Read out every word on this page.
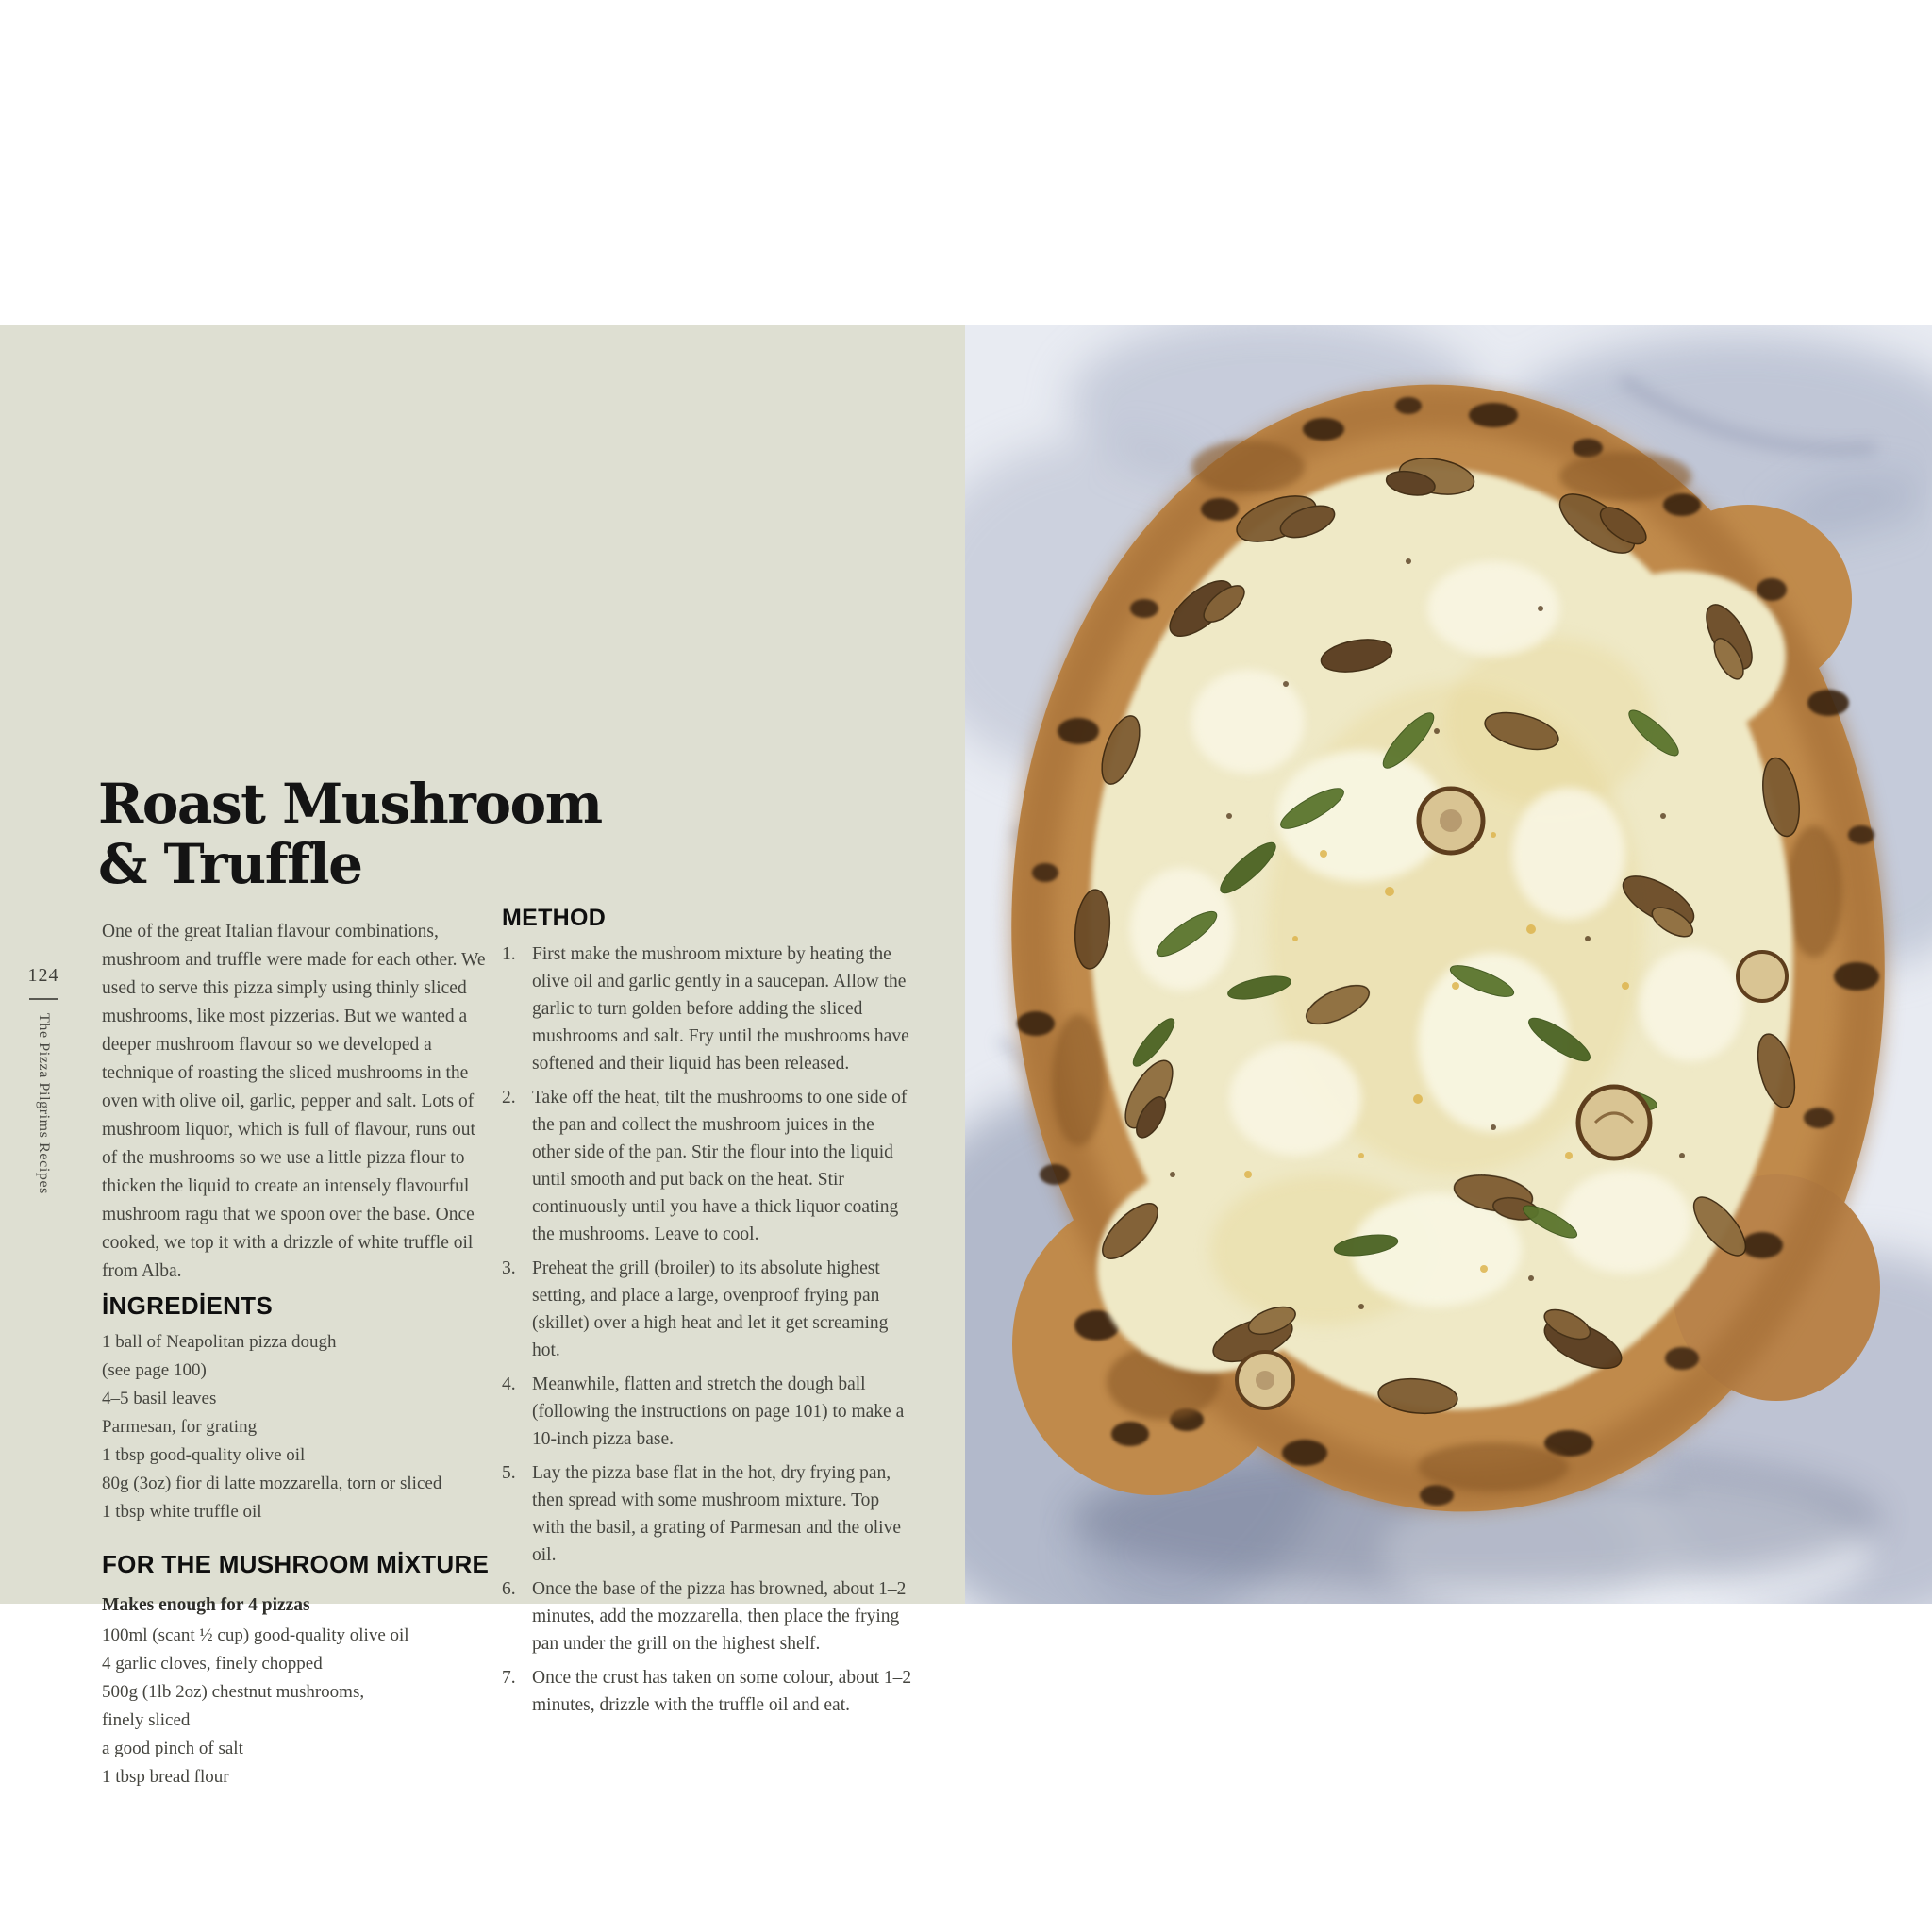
124
The Pizza Pilgrims Recipes
Roast Mushroom
& Truffle

One of the great Italian flavour combinations, mushroom and truffle were made for each other. We used to serve this pizza simply using thinly sliced mushrooms, like most pizzerias. But we wanted a deeper mushroom flavour so we developed a technique of roasting the sliced mushrooms in the oven with olive oil, garlic, pepper and salt. Lots of mushroom liquor, which is full of flavour, runs out of the mushrooms so we use a little pizza flour to thicken the liquid to create an intensely flavourful mushroom ragu that we spoon over the base. Once cooked, we top it with a drizzle of white truffle oil from Alba.

İNGREDİENTS
1 ball of Neapolitan pizza dough
(see page 100)
4–5 basil leaves
Parmesan, for grating
1 tbsp good-quality olive oil
80g (3oz) fior di latte mozzarella, torn or sliced
1 tbsp white truffle oil
FOR THE MUSHROOM MİXTURE
Makes enough for 4 pizzas
100ml (scant ½ cup) good-quality olive oil
4 garlic cloves, finely chopped
500g (1lb 2oz) chestnut mushrooms,
finely sliced
a good pinch of salt
1 tbsp bread flour
METHOD
1. First make the mushroom mixture by heating the olive oil and garlic gently in a saucepan. Allow the garlic to turn golden before adding the sliced mushrooms and salt. Fry until the mushrooms have softened and their liquid has been released.
2. Take off the heat, tilt the mushrooms to one side of the pan and collect the mushroom juices in the other side of the pan. Stir the flour into the liquid until smooth and put back on the heat. Stir continuously until you have a thick liquor coating the mushrooms. Leave to cool.
3. Preheat the grill (broiler) to its absolute highest setting, and place a large, ovenproof frying pan (skillet) over a high heat and let it get screaming hot.
4. Meanwhile, flatten and stretch the dough ball (following the instructions on page 101) to make a 10-inch pizza base.
5. Lay the pizza base flat in the hot, dry frying pan, then spread with some mushroom mixture. Top with the basil, a grating of Parmesan and the olive oil.
6. Once the base of the pizza has browned, about 1–2 minutes, add the mozzarella, then place the frying pan under the grill on the highest shelf.
7. Once the crust has taken on some colour, about 1–2 minutes, drizzle with the truffle oil and eat.
